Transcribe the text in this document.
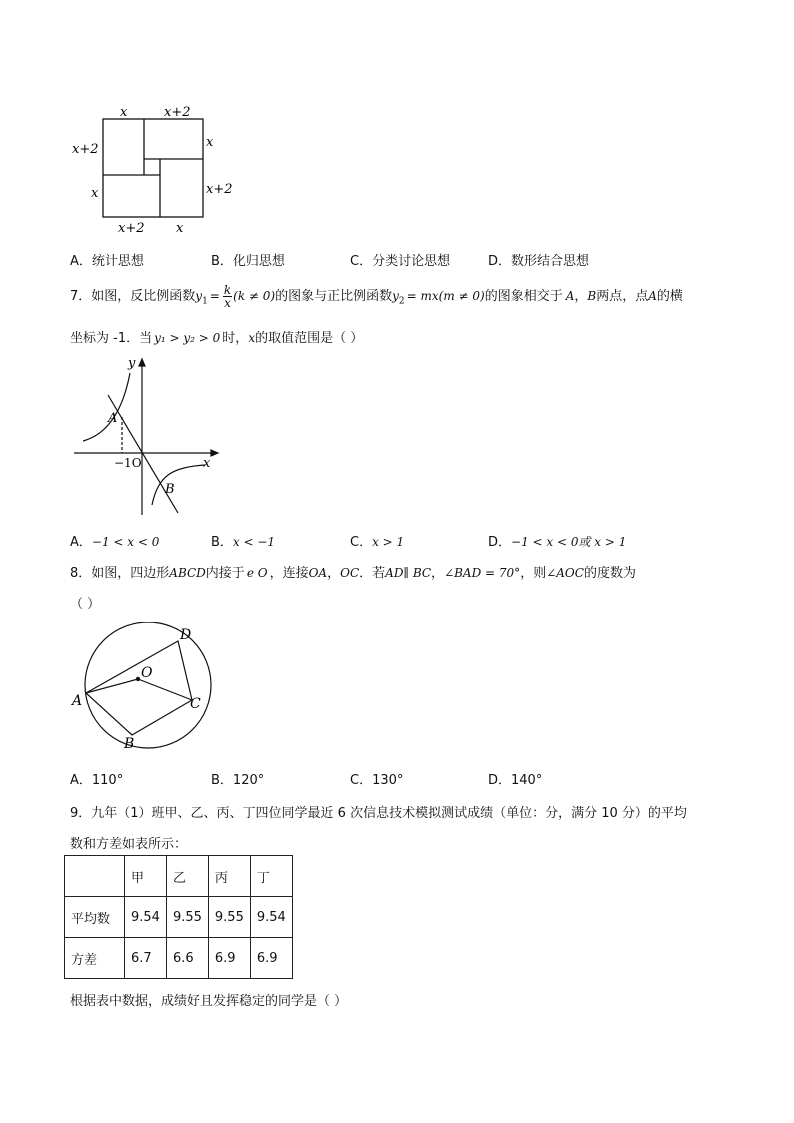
x	x+2
x+2
x
x
x+2
x+2 x
A．统计思想	B．化归思想	C．分类讨论思想	D．数形结合思想
7．如图，反比例函数$y_1 = \frac{k}{x} (k \ne 0)$的图象与正比例函数$y_2 = mx(m \ne 0)$的图象相交于 A，B两点，点A的横
坐标为 -1．当 y₁ > y₂ > 0 时，x的取值范围是（ ）
y
x
A
B
−1O
A．−1 < x < 0	B．x < −1	C．x > 1	D．−1 < x < 0或 x > 1
8．如图，四边形ABCD内接于 e O ，连接OA，OC．若AD∥ BC，∠BAD = 70°，则∠AOC的度数为
（ ）
A
B
C
D
O
A．110°	B．120°	C．130°	D．140°
9．九年（1）班甲、乙、丙、丁四位同学最近 6 次信息技术模拟测试成绩（单位：分，满分 10 分）的平均
数和方差如表所示：
	甲	乙	丙	丁
平均数	9.54	9.55	9.55	9.54
方差	6.7	6.6	6.9	6.9
根据表中数据，成绩好且发挥稳定的同学是（ ）
